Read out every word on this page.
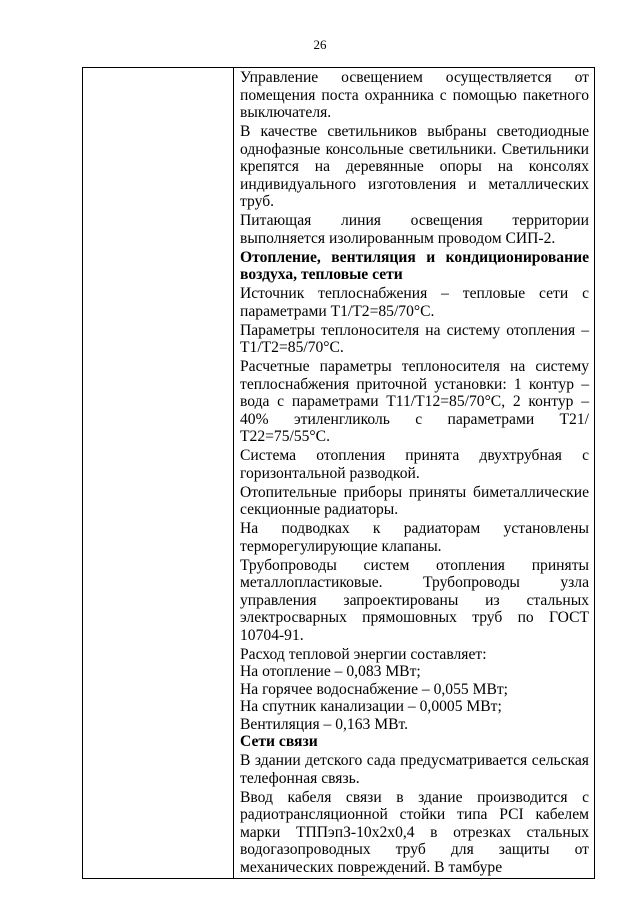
26

Управление освещением осуществляется от помещения поста охранника с помощью пакетного выключателя.

В качестве светильников выбраны светодиодные однофазные консольные светильники. Светильники крепятся на деревянные опоры на консолях индивидуального изготовления и металлических труб.

Питающая линия освещения территории выполняется изолированным проводом СИП-2.

Отопление, вентиляция и кондиционирование воздуха, тепловые сети

Источник теплоснабжения – тепловые сети с параметрами Т1/Т2=85/70°С.

Параметры теплоносителя на систему отопления – Т1/Т2=85/70°С.

Расчетные параметры теплоносителя на систему теплоснабжения приточной установки: 1 контур – вода с параметрами Т11/Т12=85/70°С, 2 контур – 40% этиленгликоль с параметрами Т21/Т22=75/55°С.

Система отопления принята двухтрубная с горизонтальной разводкой.

Отопительные приборы приняты биметаллические секционные радиаторы.

На подводках к радиаторам установлены терморегулирующие клапаны.

Трубопроводы систем отопления приняты металлопластиковые. Трубопроводы узла управления запроектированы из стальных электросварных прямошовных труб по ГОСТ 10704-91.

Расход тепловой энергии составляет:

На отопление – 0,083 МВт;

На горячее водоснабжение – 0,055 МВт;

На спутник канализации – 0,0005 МВт;

Вентиляция – 0,163 МВт.

Сети связи

В здании детского сада предусматривается сельская телефонная связь.

Ввод кабеля связи в здание производится с радиотрансляционной стойки типа РСI кабелем марки ТППэпЗ-10х2х0,4 в отрезках стальных водогазопроводных труб для защиты от механических повреждений. В тамбуре
